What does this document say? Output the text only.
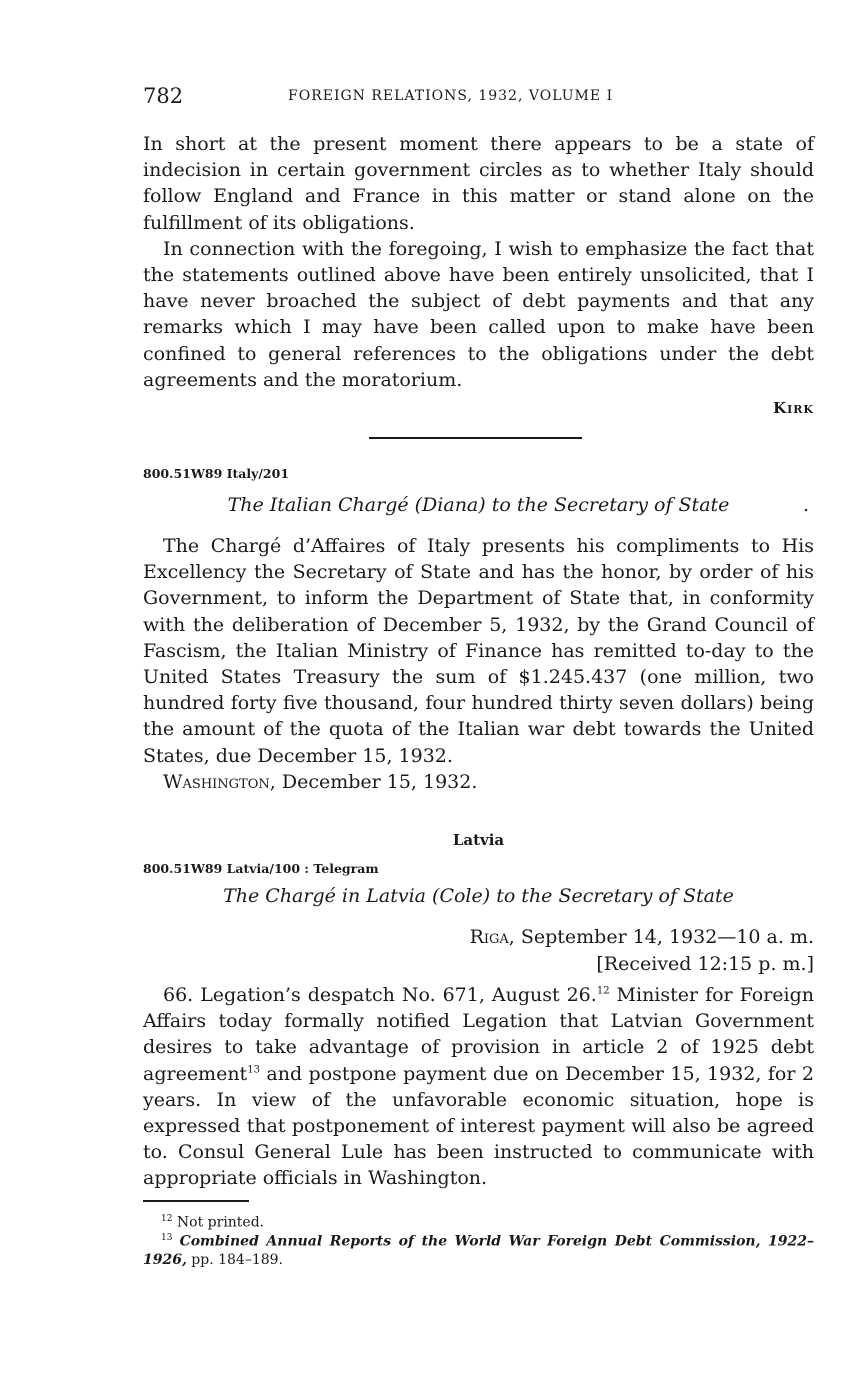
782	FOREIGN RELATIONS, 1932, VOLUME I

In short at the present moment there appears to be a state of indecision in certain government circles as to whether Italy should follow England and France in this matter or stand alone on the fulfillment of its obligations.

In connection with the foregoing, I wish to emphasize the fact that the statements outlined above have been entirely unsolicited, that I have never broached the subject of debt payments and that any remarks which I may have been called upon to make have been confined to general references to the obligations under the debt agreements and the moratorium.

Kirk
800.51W89 Italy/201
The Italian Chargé (Diana) to the Secretary of State	.

The Chargé d’Affaires of Italy presents his compliments to His Excellency the Secretary of State and has the honor, by order of his Government, to inform the Department of State that, in conformity with the deliberation of December 5, 1932, by the Grand Council of Fascism, the Italian Ministry of Finance has remitted to-day to the United States Treasury the sum of $1.245.437 (one million, two hundred forty five thousand, four hundred thirty seven dollars) being the amount of the quota of the Italian war debt towards the United States, due December 15, 1932.

Washington, December 15, 1932.

Latvia
800.51W89 Latvia/100 : Telegram
The Chargé in Latvia (Cole) to the Secretary of State
Riga, September 14, 1932—10 a. m.
[Received 12:15 p. m.]

66. Legation’s despatch No. 671, August 26.12 Minister for Foreign Affairs today formally notified Legation that Latvian Government desires to take advantage of provision in article 2 of 1925 debt agreement$^{13}$ and postpone payment due on December 15, 1932, for 2 years. In view of the unfavorable economic situation, hope is expressed that postponement of interest payment will also be agreed to. Consul General Lule has been instructed to communicate with appropriate officials in Washington.

$^{12}$ Not printed.
$^{13}$ Combined Annual Reports of the World War Foreign Debt Commission, 1922–1926, pp. 184–189.
